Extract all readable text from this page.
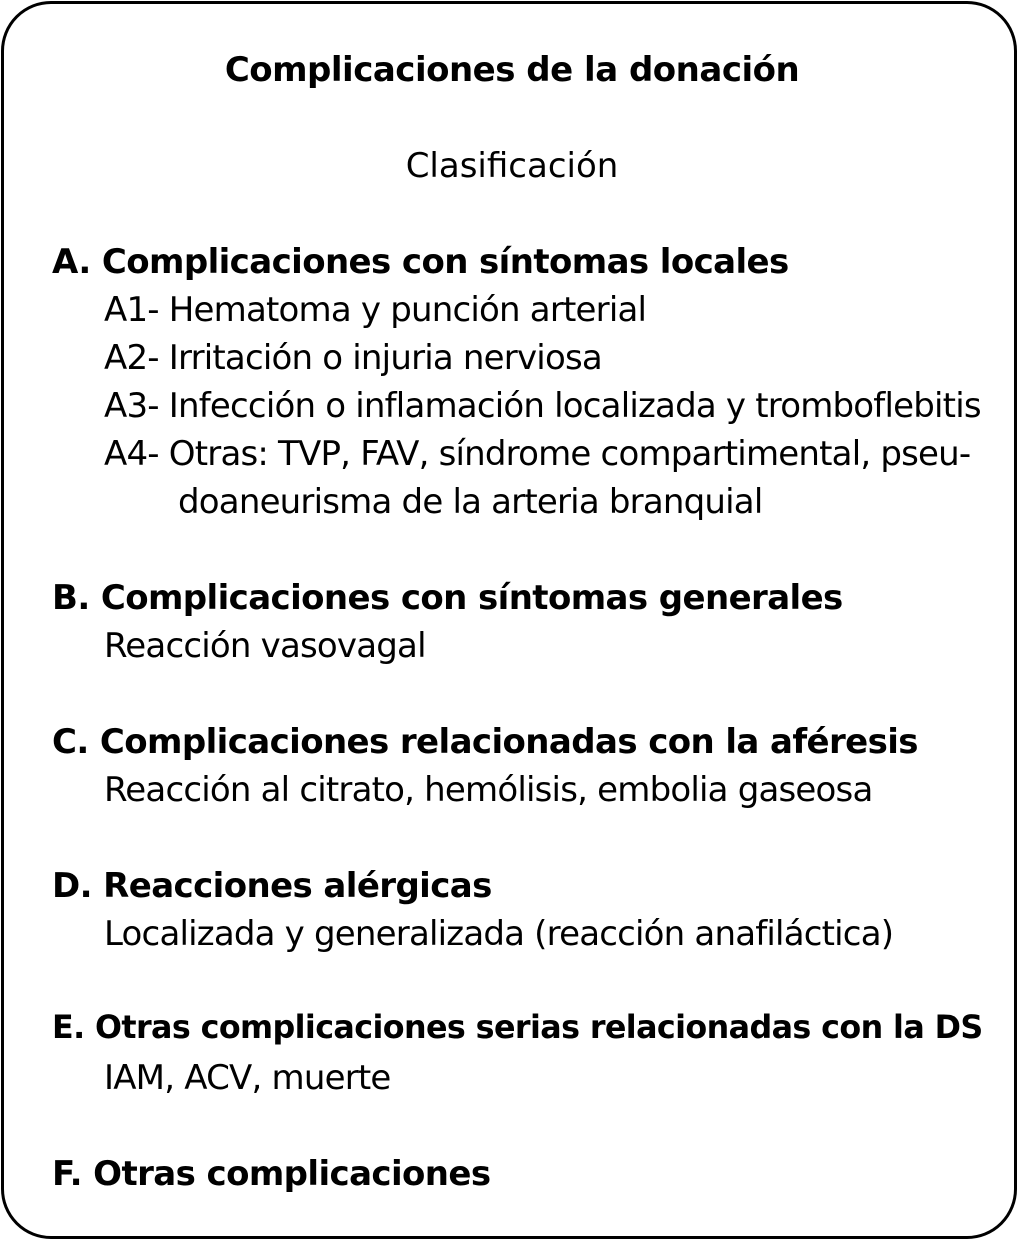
Complicaciones de la donación
Clasificación
A. Complicaciones con síntomas locales
A1- Hematoma y punción arterial
A2- Irritación o injuria nerviosa
A3- Infección o inflamación localizada y tromboflebitis
A4- Otras: TVP, FAV, síndrome compartimental, pseu-
doaneurisma de la arteria branquial
B. Complicaciones con síntomas generales
Reacción vasovagal
C. Complicaciones relacionadas con la aféresis
Reacción al citrato, hemólisis, embolia gaseosa
D. Reacciones alérgicas
Localizada y generalizada (reacción anafiláctica)
E. Otras complicaciones serias relacionadas con la DS
IAM, ACV, muerte
F. Otras complicaciones
